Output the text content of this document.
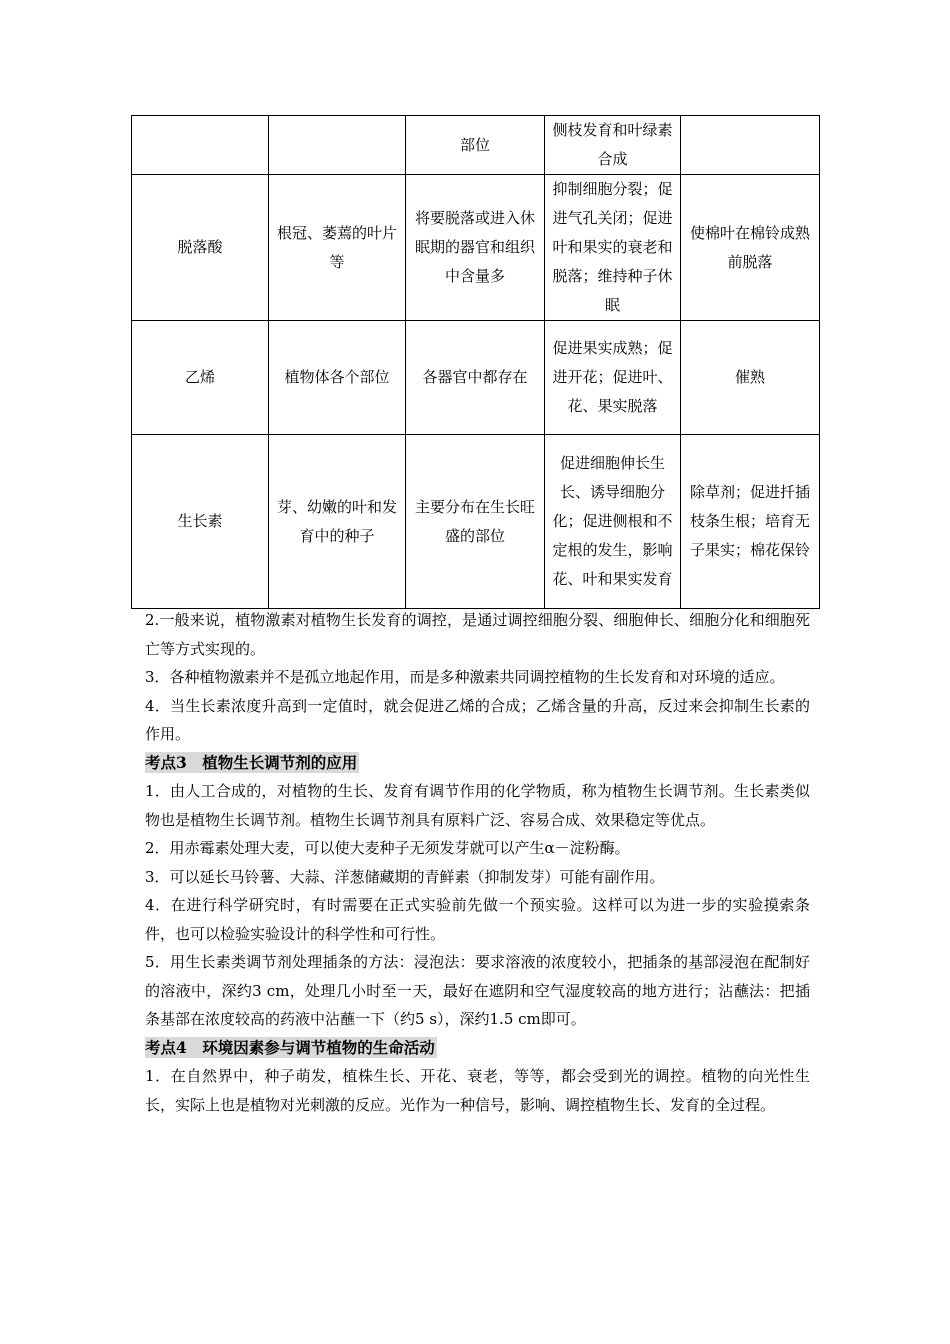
		部位	侧枝发育和叶绿素合成	
脱落酸	根冠、萎蔫的叶片等	将要脱落或进入休眠期的器官和组织中含量多	抑制细胞分裂；促进气孔关闭；促进叶和果实的衰老和脱落；维持种子休眠	使棉叶在棉铃成熟前脱落
乙烯	植物体各个部位	各器官中都存在	促进果实成熟；促进开花；促进叶、花、果实脱落	催熟
生长素	芽、幼嫩的叶和发育中的种子	主要分布在生长旺盛的部位	促进细胞伸长生长、诱导细胞分化；促进侧根和不定根的发生，影响花、叶和果实发育	除草剂；促进扦插枝条生根；培育无子果实；棉花保铃

2.一般来说，植物激素对植物生长发育的调控，是通过调控细胞分裂、细胞伸长、细胞分化和细胞死亡等方式实现的。

3．各种植物激素并不是孤立地起作用，而是多种激素共同调控植物的生长发育和对环境的适应。

4．当生长素浓度升高到一定值时，就会促进乙烯的合成；乙烯含量的升高，反过来会抑制生长素的作用。

考点3　植物生长调节剂的应用

1．由人工合成的，对植物的生长、发育有调节作用的化学物质，称为植物生长调节剂。生长素类似物也是植物生长调节剂。植物生长调节剂具有原料广泛、容易合成、效果稳定等优点。

2．用赤霉素处理大麦，可以使大麦种子无须发芽就可以产生α－淀粉酶。

3．可以延长马铃薯、大蒜、洋葱储藏期的青鲜素（抑制发芽）可能有副作用。

4．在进行科学研究时，有时需要在正式实验前先做一个预实验。这样可以为进一步的实验摸索条件，也可以检验实验设计的科学性和可行性。

5．用生长素类调节剂处理插条的方法：浸泡法：要求溶液的浓度较小，把插条的基部浸泡在配制好的溶液中，深约3 cm，处理几小时至一天，最好在遮阴和空气湿度较高的地方进行；沾蘸法：把插条基部在浓度较高的药液中沾蘸一下（约5 s），深约1.5 cm即可。

考点4　环境因素参与调节植物的生命活动

1．在自然界中，种子萌发，植株生长、开花、衰老，等等，都会受到光的调控。植物的向光性生长，实际上也是植物对光刺激的反应。光作为一种信号，影响、调控植物生长、发育的全过程。
